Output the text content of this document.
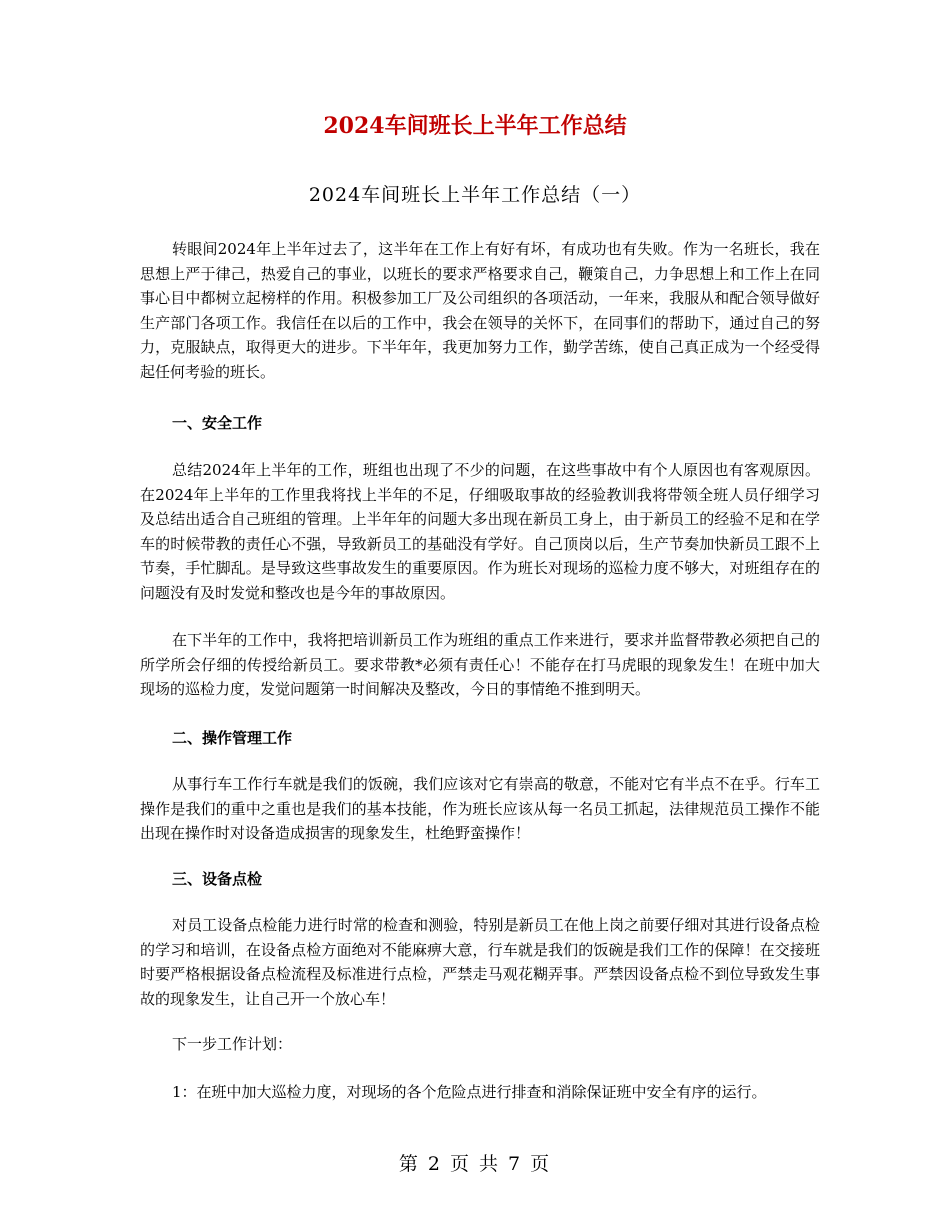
2024车间班长上半年工作总结
2024车间班长上半年工作总结（一）

转眼间2024年上半年过去了，这半年在工作上有好有坏，有成功也有失败。作为一名班长，我在思想上严于律己，热爱自己的事业，以班长的要求严格要求自己，鞭策自己，力争思想上和工作上在同事心目中都树立起榜样的作用。积极参加工厂及公司组织的各项活动，一年来，我服从和配合领导做好生产部门各项工作。我信任在以后的工作中，我会在领导的关怀下，在同事们的帮助下，通过自己的努力，克服缺点，取得更大的进步。下半年年，我更加努力工作，勤学苦练，使自己真正成为一个经受得起任何考验的班长。

一、安全工作

总结2024年上半年的工作，班组也出现了不少的问题，在这些事故中有个人原因也有客观原因。在2024年上半年的工作里我将找上半年的不足，仔细吸取事故的经验教训我将带领全班人员仔细学习及总结出适合自己班组的管理。上半年年的问题大多出现在新员工身上，由于新员工的经验不足和在学车的时候带教的责任心不强，导致新员工的基础没有学好。自己顶岗以后，生产节奏加快新员工跟不上节奏，手忙脚乱。是导致这些事故发生的重要原因。作为班长对现场的巡检力度不够大，对班组存在的问题没有及时发觉和整改也是今年的事故原因。

在下半年的工作中，我将把培训新员工作为班组的重点工作来进行，要求并监督带教必须把自己的所学所会仔细的传授给新员工。要求带教*必须有责任心！不能存在打马虎眼的现象发生！在班中加大现场的巡检力度，发觉问题第一时间解决及整改，今日的事情绝不推到明天。

二、操作管理工作

从事行车工作行车就是我们的饭碗，我们应该对它有崇高的敬意，不能对它有半点不在乎。行车工操作是我们的重中之重也是我们的基本技能，作为班长应该从每一名员工抓起，法律规范员工操作不能出现在操作时对设备造成损害的现象发生，杜绝野蛮操作！

三、设备点检

对员工设备点检能力进行时常的检查和测验，特别是新员工在他上岗之前要仔细对其进行设备点检的学习和培训，在设备点检方面绝对不能麻痹大意，行车就是我们的饭碗是我们工作的保障！在交接班时要严格根据设备点检流程及标准进行点检，严禁走马观花糊弄事。严禁因设备点检不到位导致发生事故的现象发生，让自己开一个放心车！

下一步工作计划：

1：在班中加大巡检力度，对现场的各个危险点进行排查和消除保证班中安全有序的运行。

第 2 页 共 7 页
